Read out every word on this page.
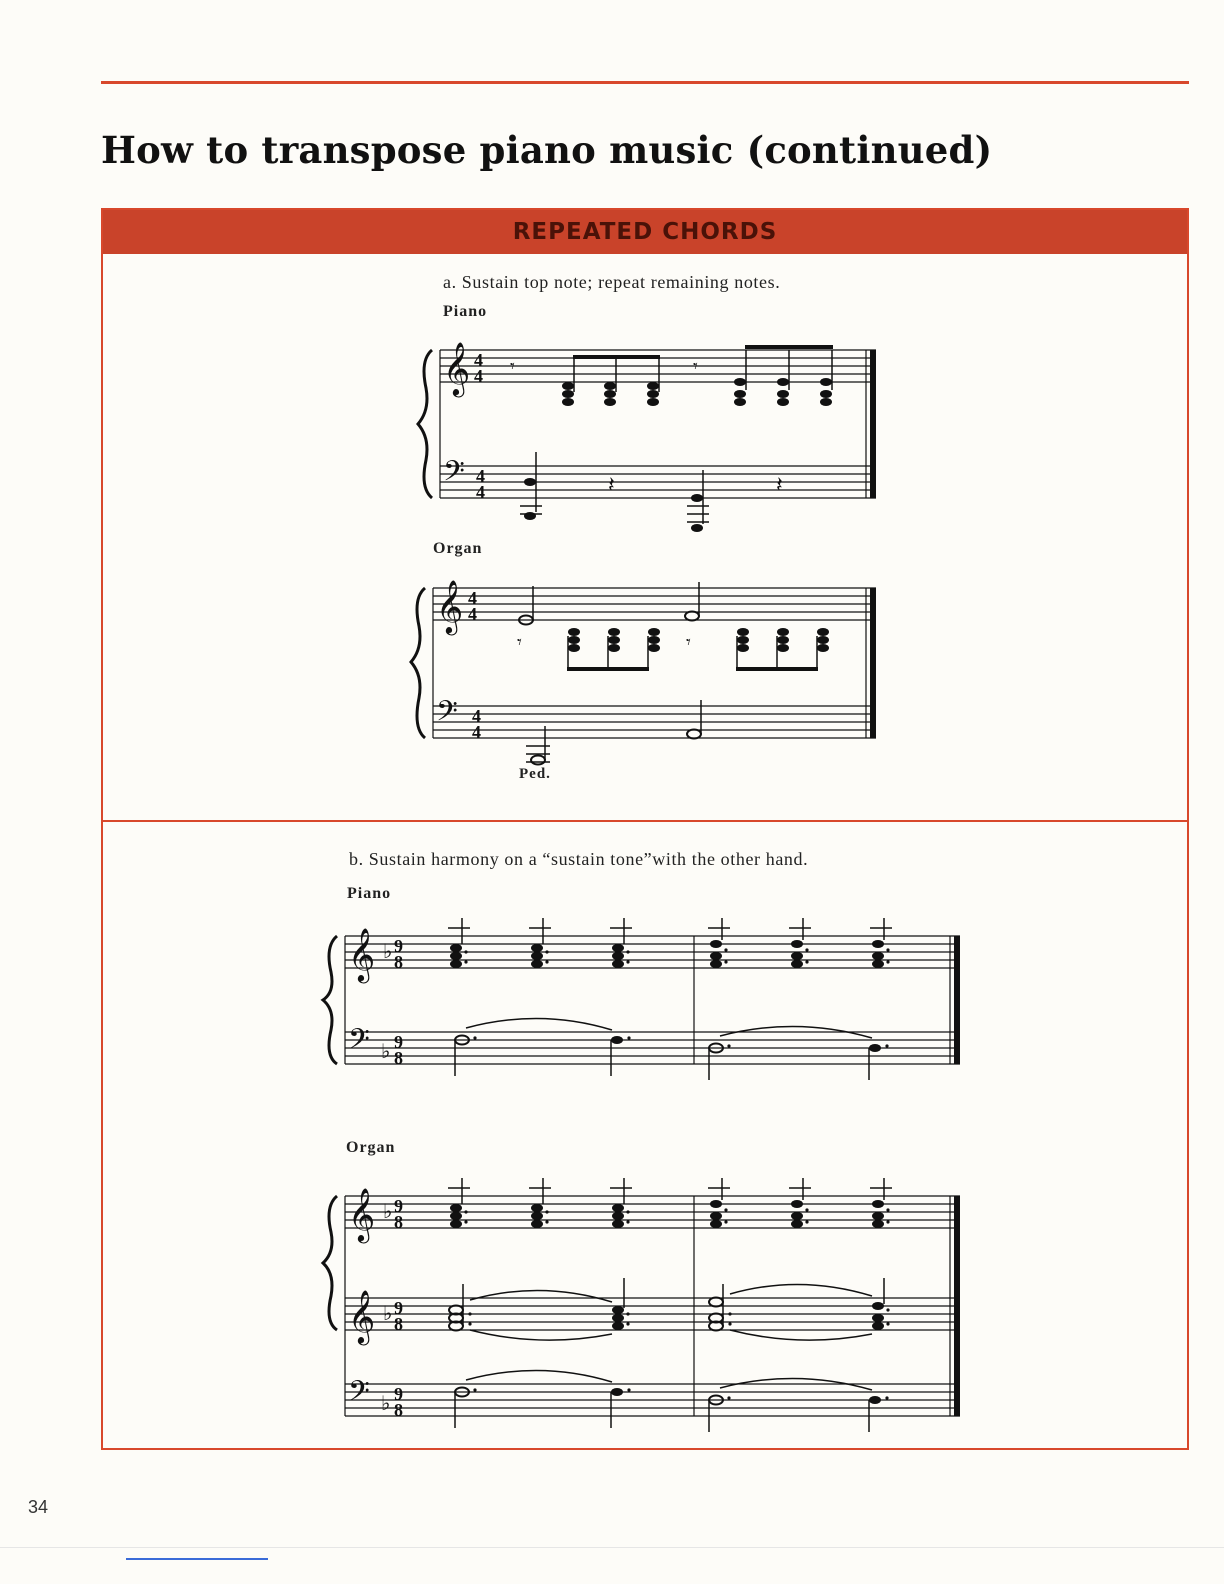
How to transpose piano music (continued)
REPEATED CHORDS
a. Sustain top note; repeat remaining notes.
Piano
Organ
Ped.
b. Sustain harmony on a “sustain tone”with the other hand.
Piano
Organ
𝄞 4
4
𝄢 4
4
𝄾	𝄾
𝄽	𝄽
𝄞 4
4
𝄢 4
4
𝄾	𝄾
𝄞 ♭ 9
8
𝄢 ♭ 9
8
𝄞 ♭ 9
8
𝄞 ♭ 9
8
𝄢 ♭ 9
8
34
